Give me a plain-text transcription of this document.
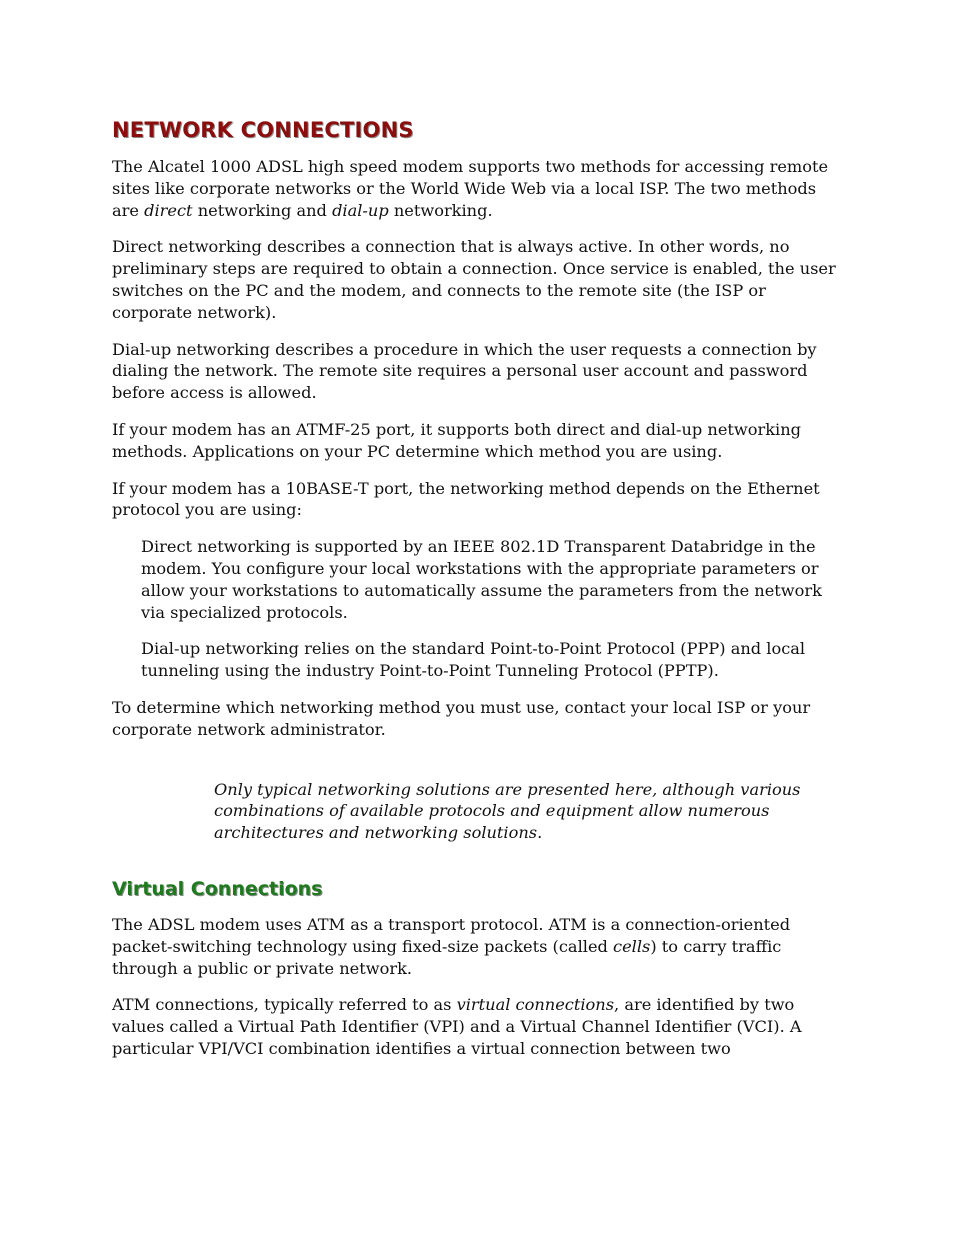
NETWORK CONNECTIONS

The Alcatel 1000 ADSL high speed modem supports two methods for accessing remote sites like corporate networks or the World Wide Web via a local ISP. The two methods are direct networking and dial-up networking.

Direct networking describes a connection that is always active. In other words, no preliminary steps are required to obtain a connection. Once service is enabled, the user switches on the PC and the modem, and connects to the remote site (the ISP or corporate network).

Dial-up networking describes a procedure in which the user requests a connection by dialing the network. The remote site requires a personal user account and password before access is allowed.

If your modem has an ATMF-25 port, it supports both direct and dial-up networking methods. Applications on your PC determine which method you are using.

If your modem has a 10BASE-T port, the networking method depends on the Ethernet protocol you are using:

Direct networking is supported by an IEEE 802.1D Transparent Databridge in the modem. You configure your local workstations with the appropriate parameters or allow your workstations to automatically assume the parameters from the network via specialized protocols.

Dial-up networking relies on the standard Point-to-Point Protocol (PPP) and local tunneling using the industry Point-to-Point Tunneling Protocol (PPTP).

To determine which networking method you must use, contact your local ISP or your corporate network administrator.

Only typical networking solutions are presented here, although various combinations of available protocols and equipment allow numerous architectures and networking solutions.

Virtual Connections

The ADSL modem uses ATM as a transport protocol. ATM is a connection-oriented packet-switching technology using fixed-size packets (called cells) to carry traffic through a public or private network.

ATM connections, typically referred to as virtual connections, are identified by two values called a Virtual Path Identifier (VPI) and a Virtual Channel Identifier (VCI). A particular VPI/VCI combination identifies a virtual connection between two
